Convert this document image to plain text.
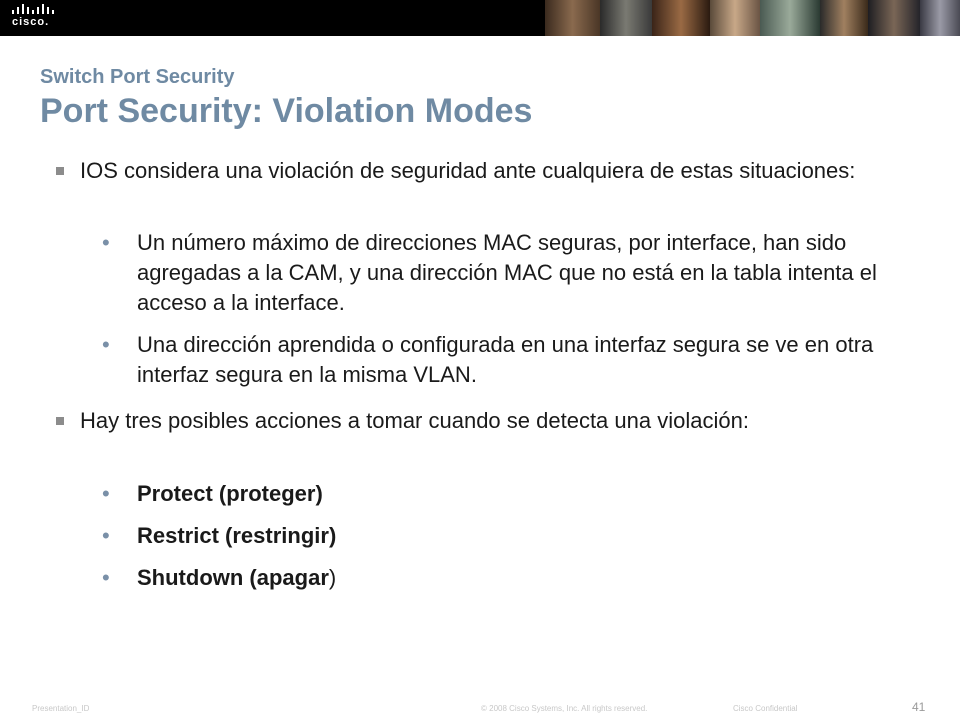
cisco.
Switch Port Security
Port Security: Violation Modes
IOS considera una violación de seguridad ante cualquiera de estas situaciones:
• Un número máximo de direcciones MAC seguras, por interface, han sido agregadas a la CAM, y una dirección MAC que no está en la tabla intenta el acceso a la interface.
• Una dirección aprendida o configurada en una interfaz segura se ve en otra interfaz segura en la misma VLAN.
Hay tres posibles acciones a tomar cuando se detecta una violación:
• Protect (proteger)
• Restrict (restringir)
• Shutdown (apagar)
Presentation_ID	© 2008 Cisco Systems, Inc. All rights reserved.	Cisco Confidential	41
